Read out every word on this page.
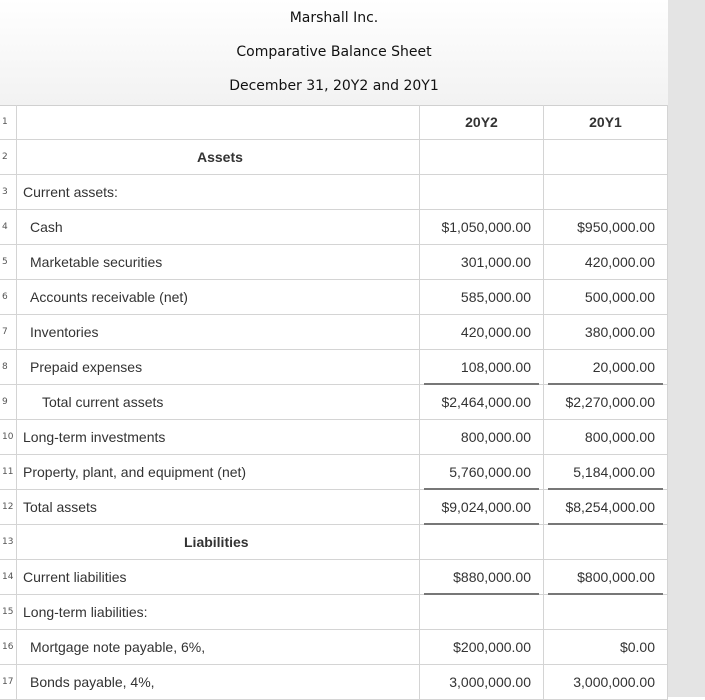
Marshall Inc.
Comparative Balance Sheet
December 31, 20Y2 and 20Y1
1	20Y2	20Y1
2	Assets
3	Current assets:
4	Cash	$1,050,000.00	$950,000.00
5	Marketable securities	301,000.00	420,000.00
6	Accounts receivable (net)	585,000.00	500,000.00
7	Inventories	420,000.00	380,000.00
8	Prepaid expenses	108,000.00	20,000.00
9	Total current assets	$2,464,000.00	$2,270,000.00
10 Long-term investments	800,000.00	800,000.00
11 Property, plant, and equipment (net)	5,760,000.00	5,184,000.00
12 Total assets	$9,024,000.00	$8,254,000.00
13	Liabilities
14 Current liabilities	$880,000.00	$800,000.00
15 Long-term liabilities:
16	Mortgage note payable, 6%,	$200,000.00	$0.00
17	Bonds payable, 4%,	3,000,000.00	3,000,000.00
